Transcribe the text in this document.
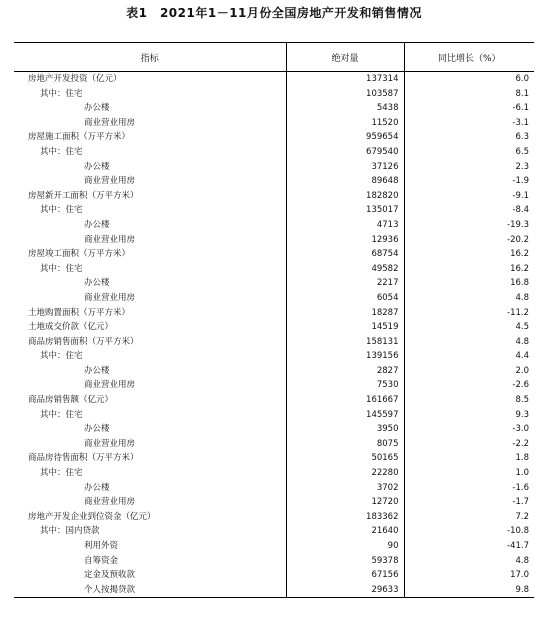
表1　2021年1－11月份全国房地产开发和销售情况
指标	绝对量	同比增长（%）
房地产开发投资（亿元）	137314	6.0
其中：住宅	103587	8.1
办公楼	5438	-6.1
商业营业用房	11520	-3.1
房屋施工面积（万平方米）	959654	6.3
其中：住宅	679540	6.5
办公楼	37126	2.3
商业营业用房	89648	-1.9
房屋新开工面积（万平方米）	182820	-9.1
其中：住宅	135017	-8.4
办公楼	4713	-19.3
商业营业用房	12936	-20.2
房屋竣工面积（万平方米）	68754	16.2
其中：住宅	49582	16.2
办公楼	2217	16.8
商业营业用房	6054	4.8
土地购置面积（万平方米）	18287	-11.2
土地成交价款（亿元）	14519	4.5
商品房销售面积（万平方米）	158131	4.8
其中：住宅	139156	4.4
办公楼	2827	2.0
商业营业用房	7530	-2.6
商品房销售额（亿元）	161667	8.5
其中：住宅	145597	9.3
办公楼	3950	-3.0
商业营业用房	8075	-2.2
商品房待售面积（万平方米）	50165	1.8
其中：住宅	22280	1.0
办公楼	3702	-1.6
商业营业用房	12720	-1.7
房地产开发企业到位资金（亿元）	183362	7.2
其中：国内贷款	21640	-10.8
利用外资	90	-41.7
自筹资金	59378	4.8
定金及预收款	67156	17.0
个人按揭贷款	29633	9.8
